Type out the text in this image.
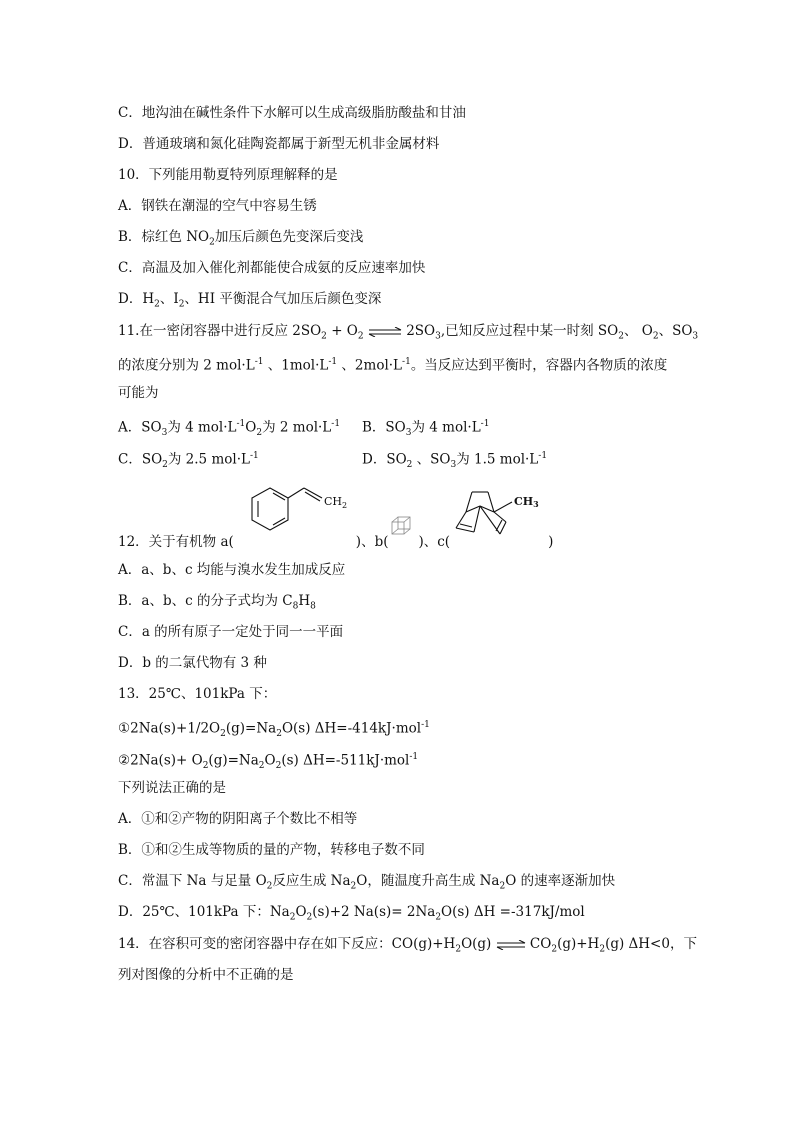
C．地沟油在碱性条件下水解可以生成高级脂肪酸盐和甘油
D．普通玻璃和氮化硅陶瓷都属于新型无机非金属材料
10．下列能用勒夏特列原理解释的是
A．钢铁在潮湿的空气中容易生锈
B．棕红色 $NO_2$加压后颜色先变深后变浅
C．高温及加入催化剂都能使合成氨的反应速率加快
D．$H_2$、$I_2$、HI 平衡混合气加压后颜色变深
11.在一密闭容器中进行反应 $2SO_2 + O_2$ ⇌ $2SO_3$,已知反应过程中某一时刻 $SO_2$、 $O_2$、$SO_3$
的浓度分别为 2 $mol\cdot L^{-1}$ 、$1mol\cdot L^{-1}$ 、$2mol\cdot L^{-1}$。当反应达到平衡时，容器内各物质的浓度
可能为
A．$SO_3$为 4 $mol\cdot L^{-1}O_2$为 2 $mol\cdot L^{-1}$ B．$SO_3$为 4 $mol\cdot L^{-1}$
C．$SO_2$为 2.5 $mol\cdot L^{-1}$	D．$SO_2$ 、$SO_3$为 1.5 $mol\cdot L^{-1}$
$CH_2$	CH3
12．关于有机物 a(	)、b( )、c(	)
A．a、b、c 均能与溴水发生加成反应
B．a、b、c 的分子式均为 $C_8H_8$
C．a 的所有原子一定处于同一一平面
D．b 的二氯代物有 3 种
13．25℃、101kPa 下：
$①2Na(s)+1/2O_2(g)=Na_2O(s)$ ΔH=-414kJ·mol$^{-1}$
②2Na(s)+ $O_2(g)=Na_2O_2(s)$ ΔH=-511kJ·mol$^{-1}$
下列说法正确的是
A．①和②产物的阴阳离子个数比不相等
B．①和②生成等物质的量的产物，转移电子数不同
C．常温下 Na 与足量 $O_2$反应生成 $Na_2O$，随温度升高生成 $Na_2O$ 的速率逐渐加快
D．25℃、101kPa 下：$Na_2O_2(s)+2$ $Na(s)= 2Na_2O(s)$ ΔH =-317kJ/mol
14．在容积可变的密闭容器中存在如下反应：$CO(g)+H_2O(g)$ ⇌ $CO_2(g)+H_2(g)$ ΔH<0，下
列对图像的分析中不正确的是
